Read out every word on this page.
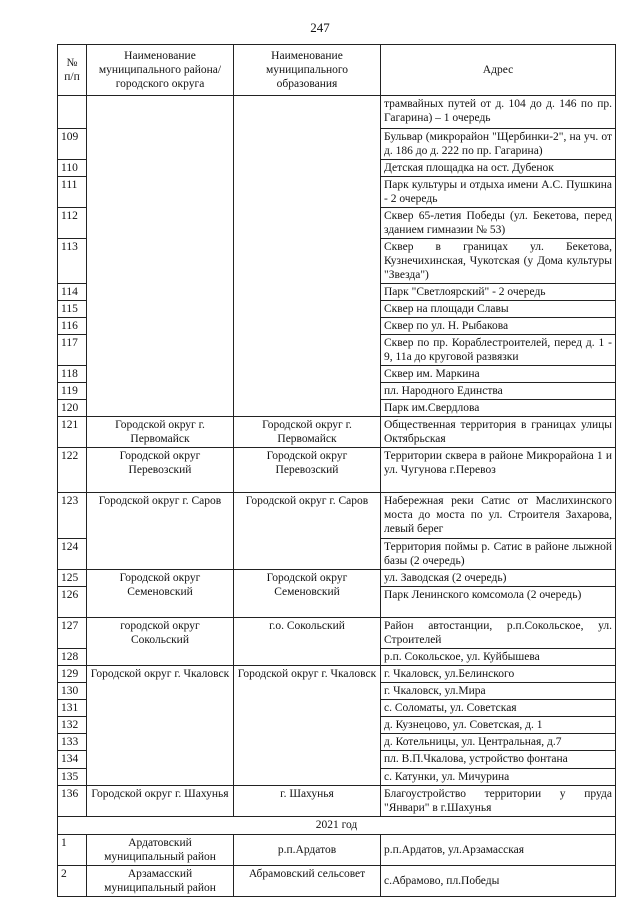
247
№ п/п	Наименование муниципального района/ городского округа	Наименование муниципального образования	Адрес
			трамвайных путей от д. 104 до д. 146 по пр. Гагарина) – 1 очередь
109			Бульвар (микрорайон "Щербинки-2", на уч. от д. 186 до д. 222 по пр. Гагарина)
110			Детская площадка на ост. Дубенок
111			Парк культуры и отдыха имени А.С. Пушкина - 2 очередь
112			Сквер 65-летия Победы (ул. Бекетова, перед зданием гимназии № 53)
113			Сквер в границах ул. Бекетова, Кузнечихинская, Чукотская (у Дома культуры "Звезда")
114			Парк "Светлоярский" - 2 очередь
115			Сквер на площади Славы
116			Сквер по ул. Н. Рыбакова
117			Сквер по пр. Кораблестроителей, перед д. 1 - 9, 11а до круговой развязки
118			Сквер им. Маркина
119			пл. Народного Единства
120			Парк им.Свердлова
121	Городской округ г. Первомайск	Городской округ г. Первомайск	Общественная территория в границах улицы Октябрьская
122	Городской округ Перевозский	Городской округ Перевозский	Территории сквера в районе Микрорайона 1 и ул. Чугунова г.Перевоз
123	Городской округ г. Саров	Городской округ г. Саров	Набережная реки Сатис от Маслихинского моста до моста по ул. Строителя Захарова, левый берег
124			Территория поймы р. Сатис в районе лыжной базы (2 очередь)
125	Городской округ Семеновский	Городской округ Семеновский	ул. Заводская (2 очередь)
126			Парк Ленинского комсомола (2 очередь)
127	городской округ Сокольский	г.о. Сокольский	Район автостанции, р.п.Сокольское, ул. Строителей
128			р.п. Сокольское, ул. Куйбышева
129	Городской округ г. Чкаловск	Городской округ г. Чкаловск	г. Чкаловск, ул.Белинского
130			г. Чкаловск, ул.Мира
131			с. Соломаты, ул. Советская
132			д. Кузнецово, ул. Советская, д. 1
133			д. Котельницы, ул. Центральная, д.7
134			пл. В.П.Чкалова, устройство фонтана
135			с. Катунки, ул. Мичурина
136	Городской округ г. Шахунья	г. Шахунья	Благоустройство территории у пруда "Январи" в г.Шахунья
2021 год			
1	Ардатовский муниципальный район	р.п.Ардатов	р.п.Ардатов, ул.Арзамасская
2	Арзамасский муниципальный район	Абрамовский сельсовет	с.Абрамово, пл.Победы
